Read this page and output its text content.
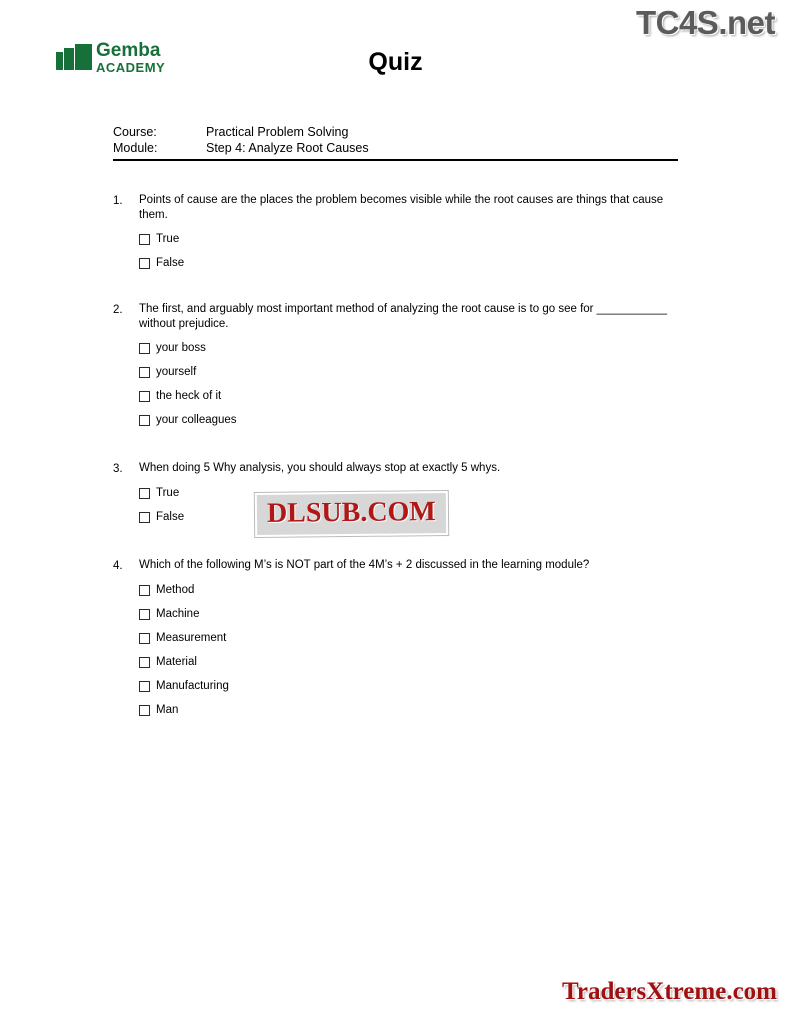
TC4S.net
Gemba
ACADEMY	Quiz
Course:	Practical Problem Solving
Module:	Step 4: Analyze Root Causes
1.	Points of cause are the places the problem becomes visible while the root causes are things that cause them.
True
False
2.	The first, and arguably most important method of analyzing the root cause is to go see for ___________ without prejudice.
your boss
yourself
the heck of it
your colleagues
3.	When doing 5 Why analysis, you should always stop at exactly 5 whys.
True
False
4.	Which of the following M’s is NOT part of the 4M’s + 2 discussed in the learning module?
Method
Machine
Measurement
Material
Manufacturing
Man
DLSUB.COM
TradersXtreme.com
